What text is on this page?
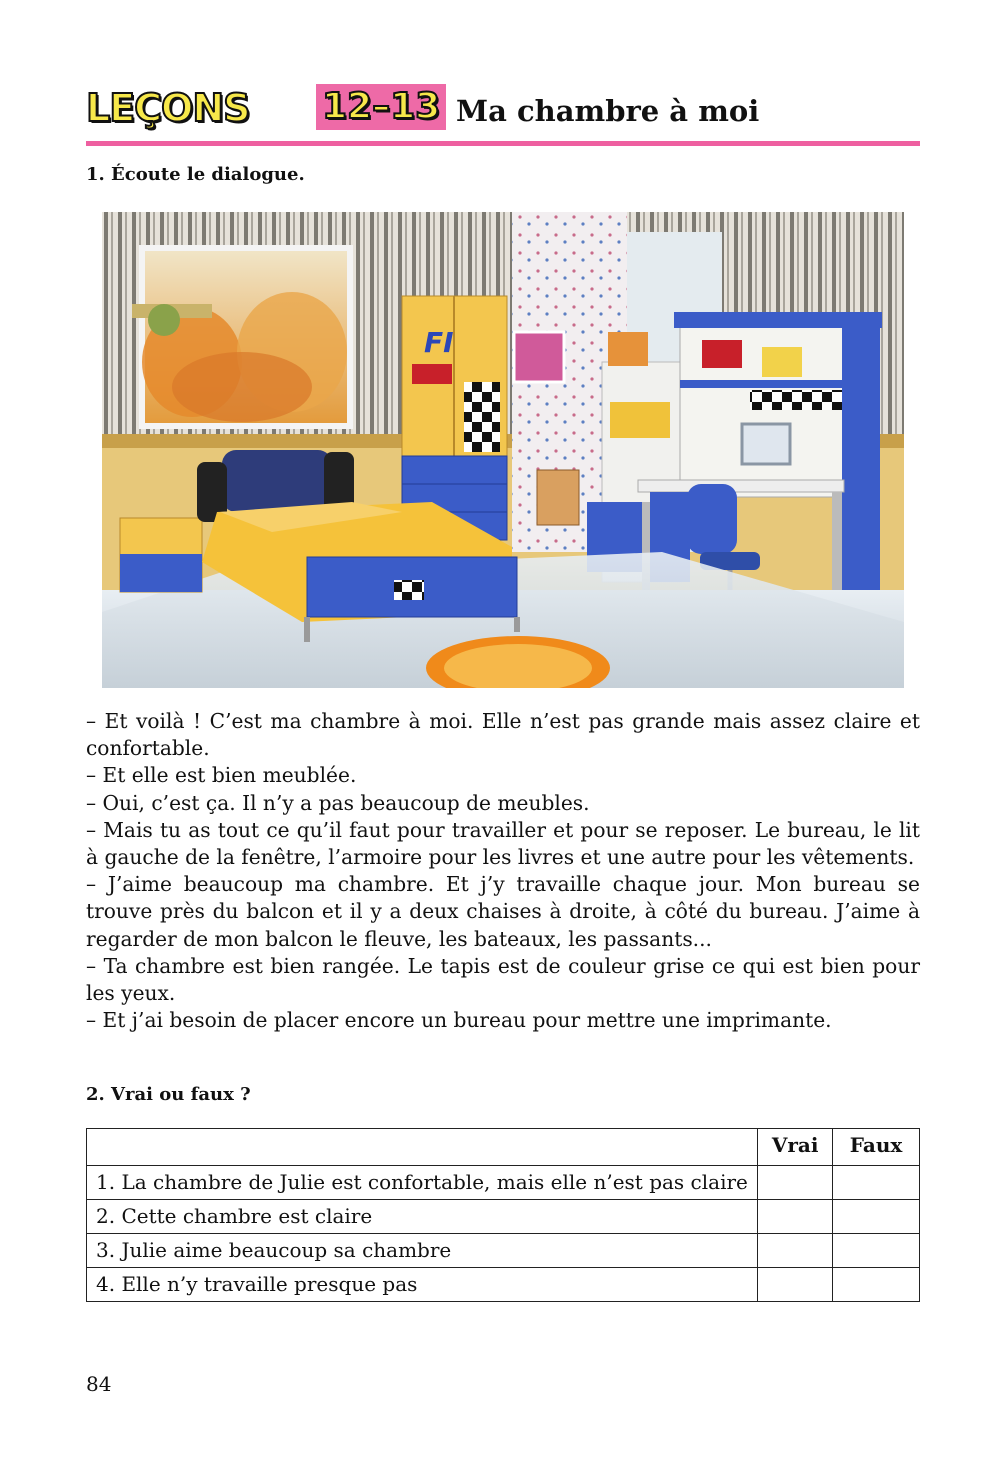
LEÇONS 12–13 Ma chambre à moi
1. Écoute le dialogue.
FI

– Et voilà ! C’est ma chambre à moi. Elle n’est pas grande mais assez claire et confortable.

– Et elle est bien meublée.

– Oui, c’est ça. Il n’y a pas beaucoup de meubles.

– Mais tu as tout ce qu’il faut pour travailler et pour se reposer. Le bureau, le lit à gauche de la fenêtre, l’armoire pour les livres et une autre pour les vêtements.

– J’aime beaucoup ma chambre. Et j’y travaille chaque jour. Mon bureau se trouve près du balcon et il y a deux chaises à droite, à côté du bureau. J’aime à regarder de mon balcon le fleuve, les bateaux, les passants...

– Ta chambre est bien rangée. Le tapis est de couleur grise ce qui est bien pour les yeux.

– Et j’ai besoin de placer encore un bureau pour mettre une imprimante.

2. Vrai ou faux ?
	Vrai	Faux
1. La chambre de Julie est confortable, mais elle n’est pas claire		
2. Cette chambre est claire		
3. Julie aime beaucoup sa chambre		
4. Elle n’y travaille presque pas		
84
